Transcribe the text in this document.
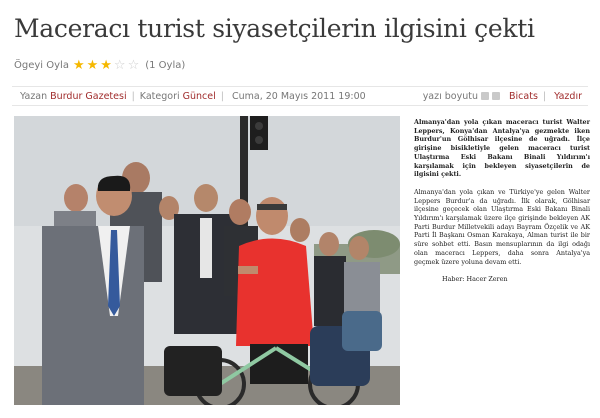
Maceracı turist siyasetçilerin ilgisini çekti
Ögeyi Oyla ★ ★ ★ ☆ ☆ (1 Oyla)
Yazan Burdur Gazetesi | Kategori Güncel | Cuma, 20 Mayıs 2011 19:00	yazı boyutu	Bicats | Yazdır

Almanya'dan yola çıkan maceracı turist Walter Leppers, Konya'dan Antalya'ya gezmekte iken Burdur'un Gölhisar ilçesine de uğradı. İlçe girişine bisikletiyle gelen maceracı turist Ulaştırma Eski Bakanı Binali Yıldırım'ı karşılamak için bekleyen siyasetçilerin de ilgisini çekti.

Almanya'dan yola çıkan ve Türkiye'ye gelen Walter Leppers Burdur'a da uğradı. İlk olarak, Gölhisar ilçesine geçecek olan Ulaştırma Eski Bakanı Binali Yıldırım'ı karşılamak üzere ilçe girişinde bekleyen AK Parti Burdur Milletvekili adayı Bayram Özçelik ve AK Parti İl Başkanı Osman Karakaya, Alman turist ile bir süre sohbet etti. Basın mensuplarının da ilgi odağı olan maceracı Leppers, daha sonra Antalya'ya geçmek üzere yoluna devam etti.

Haber: Hacer Zeren
